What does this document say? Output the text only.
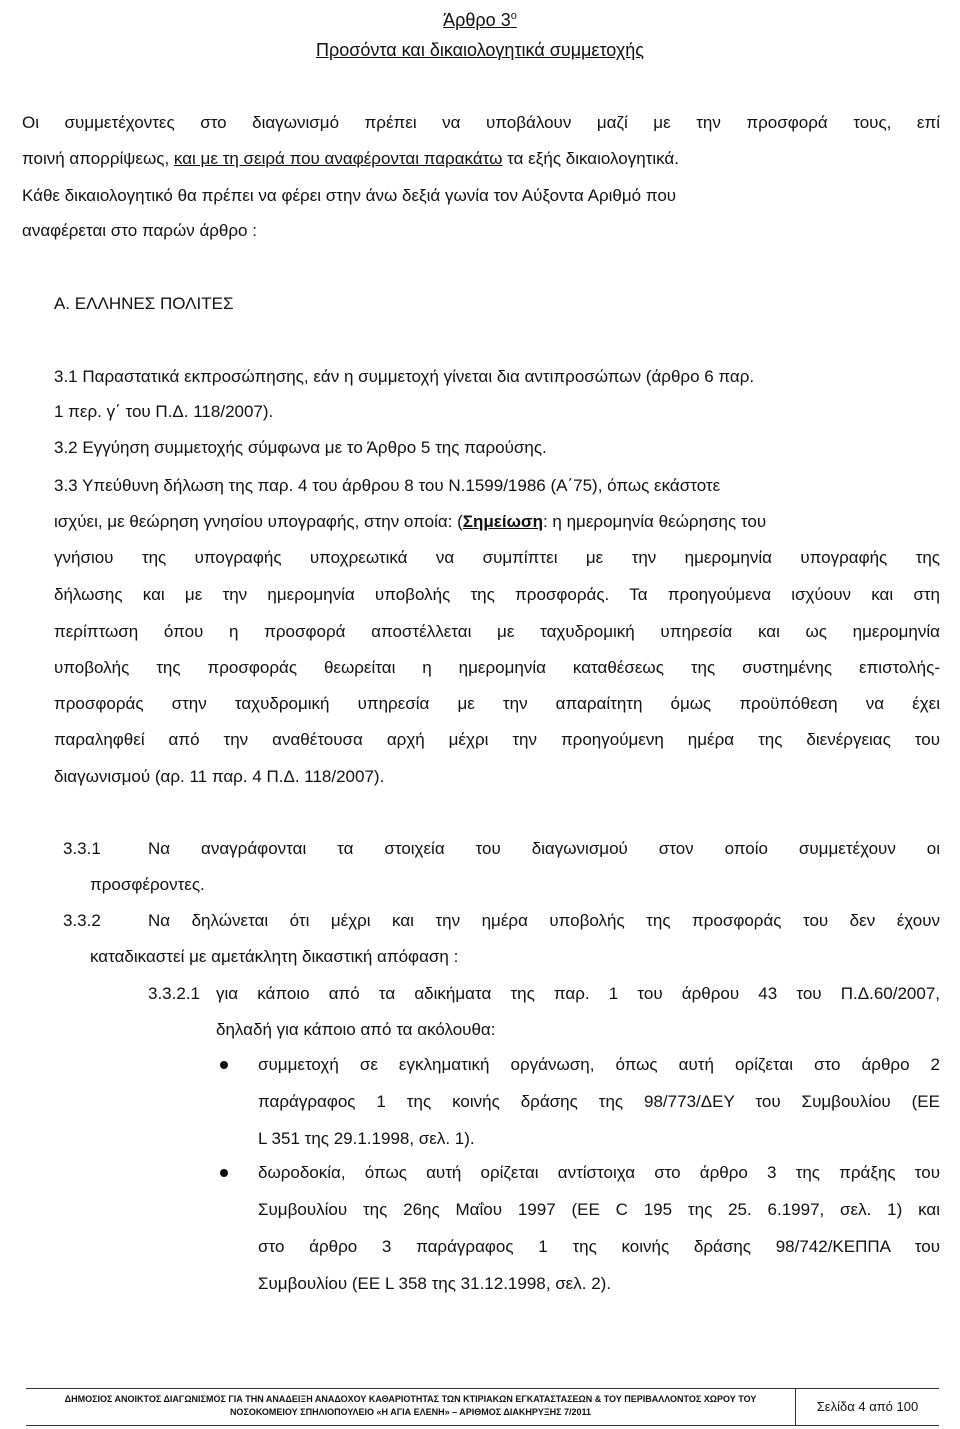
Άρθρο $3^o$
Προσόντα και δικαιολογητικά συμμετοχής
Οι συμμετέχοντες στο διαγωνισμό πρέπει να υποβάλουν μαζί με την προσφορά τους, επί
ποινή απορρίψεως, και με τη σειρά που αναφέρονται παρακάτω τα εξής δικαιολογητικά.
Κάθε δικαιολογητικό θα πρέπει να φέρει στην άνω δεξιά γωνία τον Αύξοντα Αριθμό που
αναφέρεται στο παρών άρθρο :
Α. ΕΛΛΗΝΕΣ ΠΟΛΙΤΕΣ
3.1 Παραστατικά εκπροσώπησης, εάν η συμμετοχή γίνεται δια αντιπροσώπων (άρθρο 6 παρ.
1 περ. γ΄ του Π.Δ. 118/2007).
3.2 Εγγύηση συμμετοχής σύμφωνα με το Άρθρο 5 της παρούσης.
3.3 Υπεύθυνη δήλωση της παρ. 4 του άρθρου 8 του Ν.1599/1986 (Α΄75), όπως εκάστοτε
ισχύει, με θεώρηση γνησίου υπογραφής, στην οποία: (Σημείωση: η ημερομηνία θεώρησης του
γνήσιου της υπογραφής υποχρεωτικά να συμπίπτει με την ημερομηνία υπογραφής της
δήλωσης και με την ημερομηνία υποβολής της προσφοράς. Τα προηγούμενα ισχύουν και στη
περίπτωση όπου η προσφορά αποστέλλεται με ταχυδρομική υπηρεσία και ως ημερομηνία
υποβολής της προσφοράς θεωρείται η ημερομηνία καταθέσεως της συστημένης επιστολής-
προσφοράς στην ταχυδρομική υπηρεσία με την απαραίτητη όμως προϋπόθεση να έχει
παραληφθεί από την αναθέτουσα αρχή μέχρι την προηγούμενη ημέρα της διενέργειας του
διαγωνισμού (αρ. 11 παρ. 4 Π.Δ. 118/2007).
3.3.1	Να αναγράφονται τα στοιχεία του διαγωνισμού στον οποίο συμμετέχουν οι
προσφέροντες.
3.3.2	Να δηλώνεται ότι μέχρι και την ημέρα υποβολής της προσφοράς του δεν έχουν
καταδικαστεί με αμετάκλητη δικαστική απόφαση :
3.3.2.1 για κάποιο από τα αδικήματα της παρ. 1 του άρθρου 43 του Π.Δ.60/2007,
δηλαδή για κάποιο από τα ακόλουθα:
συμμετοχή σε εγκληματική οργάνωση, όπως αυτή ορίζεται στο άρθρο 2
παράγραφος 1 της κοινής δράσης της 98/773/ΔΕΥ του Συμβουλίου (ΕΕ
L 351 της 29.1.1998, σελ. 1).
δωροδοκία, όπως αυτή ορίζεται αντίστοιχα στο άρθρο 3 της πράξης του
Συμβουλίου της 26ης Μαΐου 1997 (ΕΕ C 195 της 25. 6.1997, σελ. 1) και
στο άρθρο 3 παράγραφος 1 της κοινής δράσης 98/742/ΚΕΠΠΑ του
Συμβουλίου (ΕΕ L 358 της 31.12.1998, σελ. 2).
ΔΗΜΟΣΙΟΣ ΑΝΟΙΚΤΟΣ ΔΙΑΓΩΝΙΣΜΟΣ ΓΙΑ ΤΗΝ ΑΝΑΔΕΙΞΗ ΑΝΑΔΟΧΟΥ ΚΑΘΑΡΙΟΤΗΤΑΣ ΤΩΝ ΚΤΙΡΙΑΚΩΝ ΕΓΚΑΤΑΣΤΑΣΕΩΝ & ΤΟΥ ΠΕΡΙΒΑΛΛΟΝΤΟΣ ΧΩΡΟΥ ΤΟΥ
ΝΟΣΟΚΟΜΕΙΟΥ ΣΠΗΛΙΟΠΟΥΛΕΙΟ «Η ΑΓΙΑ ΕΛΕΝΗ» – ΑΡΙΘΜΟΣ ΔΙΑΚΗΡΥΞΗΣ 7/2011	Σελίδα 4 από 100
